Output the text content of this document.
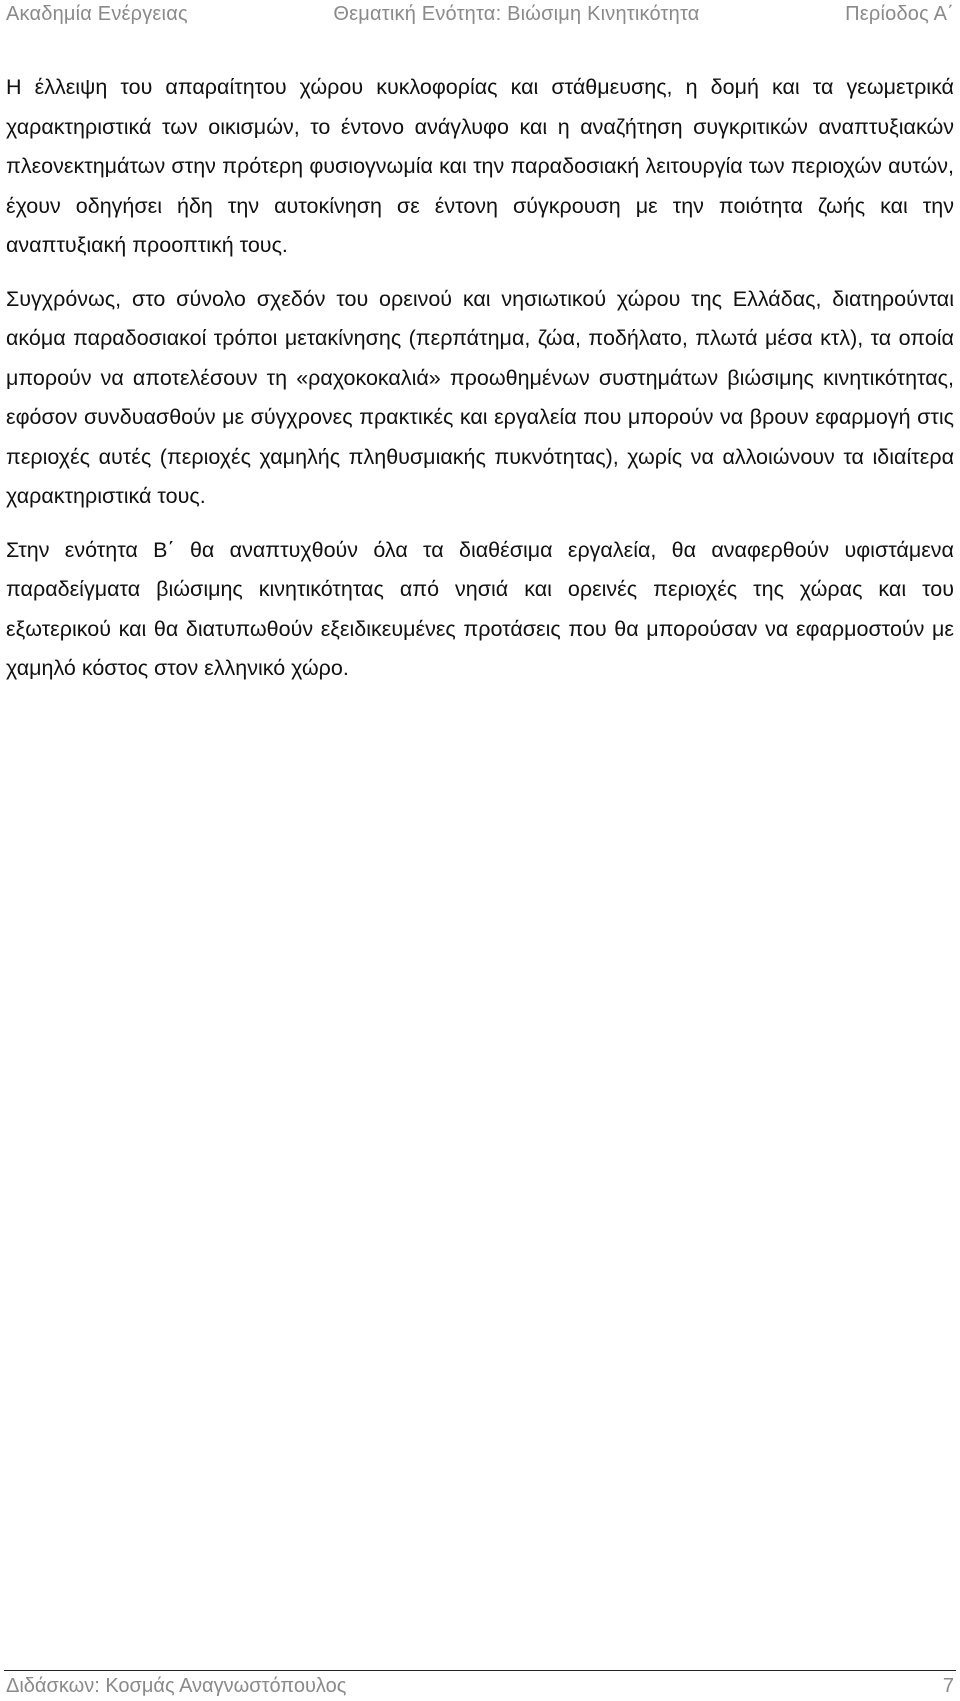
Ακαδημία Ενέργειας	Θεματική Ενότητα: Βιώσιμη Κινητικότητα	Περίοδος Α΄

Η έλλειψη του απαραίτητου χώρου κυκλοφορίας και στάθμευσης, η δομή και τα γεωμετρικά χαρακτηριστικά των οικισμών, το έντονο ανάγλυφο και η αναζήτηση συγκριτικών αναπτυξιακών πλεονεκτημάτων στην πρότερη φυσιογνωμία και την παραδοσιακή λειτουργία των περιοχών αυτών, έχουν οδηγήσει ήδη την αυτοκίνηση σε έντονη σύγκρουση με την ποιότητα ζωής και την αναπτυξιακή προοπτική τους.

Συγχρόνως, στο σύνολο σχεδόν του ορεινού και νησιωτικού χώρου της Ελλάδας, διατηρούνται ακόμα παραδοσιακοί τρόποι μετακίνησης (περπάτημα, ζώα, ποδήλατο, πλωτά μέσα κτλ), τα οποία μπορούν να αποτελέσουν τη «ραχοκοκαλιά» προωθημένων συστημάτων βιώσιμης κινητικότητας, εφόσον συνδυασθούν με σύγχρονες πρακτικές και εργαλεία που μπορούν να βρουν εφαρμογή στις περιοχές αυτές (περιοχές χαμηλής πληθυσμιακής πυκνότητας), χωρίς να αλλοιώνουν τα ιδιαίτερα χαρακτηριστικά τους.

Στην ενότητα Β΄ θα αναπτυχθούν όλα τα διαθέσιμα εργαλεία, θα αναφερθούν υφιστάμενα παραδείγματα βιώσιμης κινητικότητας από νησιά και ορεινές περιοχές της χώρας και του εξωτερικού και θα διατυπωθούν εξειδικευμένες προτάσεις που θα μπορούσαν να εφαρμοστούν με χαμηλό κόστος στον ελληνικό χώρο.

Διδάσκων: Κοσμάς Αναγνωστόπουλος	7
